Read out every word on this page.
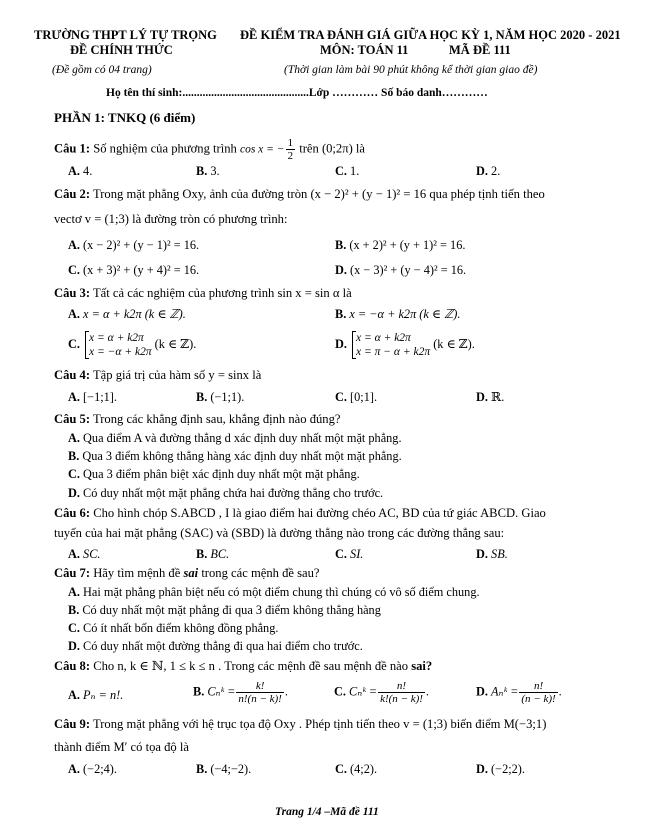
TRƯỜNG THPT LÝ TỰ TRỌNG
ĐỀ CHÍNH THỨC
(Đề gồm có 04 trang)
ĐỀ KIỂM TRA ĐÁNH GIÁ GIỮA HỌC KỲ 1, NĂM HỌC 2020 - 2021
MÔN: TOÁN 11	MÃ ĐỀ 111
(Thời gian làm bài 90 phút không kể thời gian giao đề)
Họ tên thí sinh:............................................Lớp ………… Số báo danh…………
PHẦN 1: TNKQ (6 điểm)
Câu 1: Số nghiệm của phương trình cos x = − $\frac{1}{2}$ trên (0;2π) là
A. 4.	B. 3.	C. 1.	D. 2.
Câu 2: Trong mặt phẳng Oxy, ảnh của đường tròn (x − 2)² + (y − 1)² = 16 qua phép tịnh tiến theo
vectơ v = (1;3) là đường tròn có phương trình:
A. (x − 2)² + (y − 1)² = 16.	B. (x + 2)² + (y + 1)² = 16.
C. (x + 3)² + (y + 4)² = 16.	D. (x − 3)² + (y − 4)² = 16.
Câu 3: Tất cả các nghiệm của phương trình sin x = sin α là
A. x = α + k2π (k ∈ ℤ).	B. x = −α + k2π (k ∈ ℤ).
C. x = α + k2π
x = −α + k2π
(k ∈ ℤ).	D. x = α + k2π
x = π − α + k2π
(k ∈ ℤ).
Câu 4: Tập giá trị của hàm số y = sinx là
A. [−1;1].	B. (−1;1).	C. [0;1].	D. ℝ.
Câu 5: Trong các khẳng định sau, khẳng định nào đúng?
A. Qua điểm A và đường thẳng d xác định duy nhất một mặt phẳng.
B. Qua 3 điểm không thẳng hàng xác định duy nhất một mặt phẳng.
C. Qua 3 điểm phân biệt xác định duy nhất một mặt phẳng.
D. Có duy nhất một mặt phẳng chứa hai đường thẳng cho trước.
Câu 6: Cho hình chóp S.ABCD , I là giao điểm hai đường chéo AC, BD của tứ giác ABCD. Giao
tuyến của hai mặt phẳng (SAC) và (SBD) là đường thẳng nào trong các đường thẳng sau:
A. SC.	B. BC.	C. SI.	D. SB.
Câu 7: Hãy tìm mệnh đề sai trong các mệnh đề sau?
A. Hai mặt phẳng phân biệt nếu có một điểm chung thì chúng có vô số điểm chung.
B. Có duy nhất một mặt phẳng đi qua 3 điểm không thẳng hàng
C. Có ít nhất bốn điểm không đồng phẳng.
D. Có duy nhất một đường thẳng đi qua hai điểm cho trước.
Câu 8: Cho n, k ∈ ℕ, 1 ≤ k ≤ n . Trong các mệnh đề sau mệnh đề nào sai?
A. Pₙ = n!.	B. Cₙᵏ = $\frac{k!}{n!(n - k)!}$ .	C. Cₙᵏ = $\frac{n!}{k!(n - k)!}$ .	D. Aₙᵏ = $\frac{n!}{(n - k)!}$ .
Câu 9: Trong mặt phẳng với hệ trục tọa độ Oxy . Phép tịnh tiến theo v = (1;3) biến điểm M(−3;1)
thành điểm M′ có tọa độ là
A. (−2;4).	B. (−4;−2).	C. (4;2).	D. (−2;2).
Trang 1/4 –Mã đề 111
